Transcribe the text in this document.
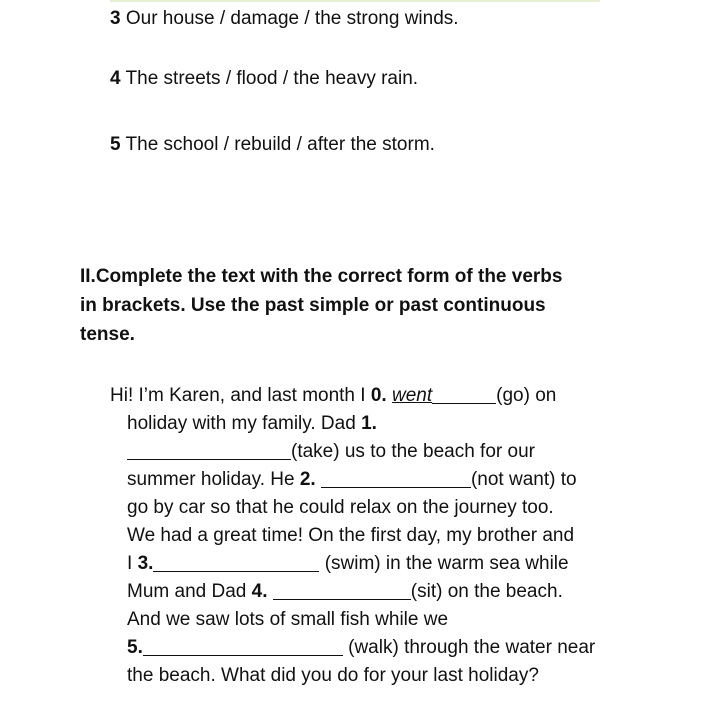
3 Our house / damage / the strong winds.
4 The streets / flood / the heavy rain.
5 The school / rebuild / after the storm.
II.Complete the text with the correct form of the verbs
in brackets. Use the past simple or past continuous
tense.
Hi! I’m Karen, and last month I 0. went	(go) on
holiday with my family. Dad 1.
(take) us to the beach for our
summer holiday. He 2.	(not want) to
go by car so that he could relax on the journey too.
We had a great time! On the first day, my brother and
I 3.	(swim) in the warm sea while
Mum and Dad 4.	(sit) on the beach.
And we saw lots of small fish while we
5.	(walk) through the water near
the beach. What did you do for your last holiday?
